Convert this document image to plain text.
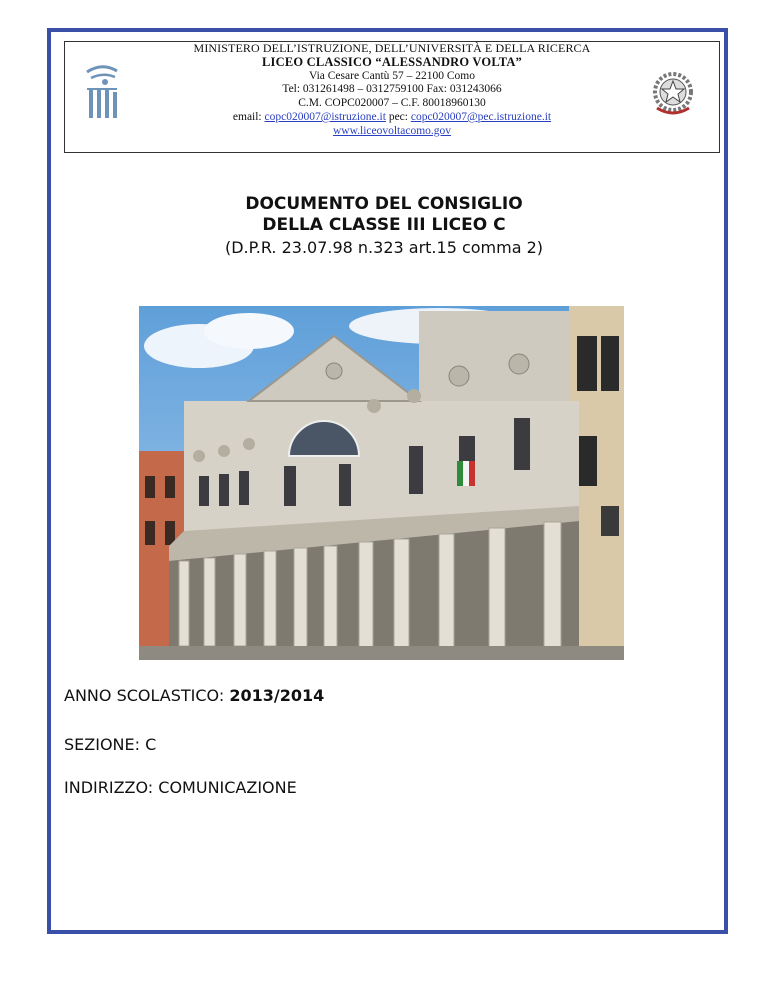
MINISTERO DELL’ISTRUZIONE, DELL’UNIVERSITÀ E DELLA RICERCA
LICEO CLASSICO “ALESSANDRO VOLTA”
Via Cesare Cantù 57 – 22100 Como
Tel: 031261498 – 0312759100 Fax: 031243066
C.M. COPC020007 – C.F. 80018960130
email: copc020007@istruzione.it pec: copc020007@pec.istruzione.it
www.liceovoltacomo.gov
DOCUMENTO DEL CONSIGLIO
DELLA CLASSE III LICEO C
(D.P.R. 23.07.98 n.323 art.15 comma 2)
ANNO SCOLASTICO: 2013/2014
SEZIONE: C
INDIRIZZO: COMUNICAZIONE
